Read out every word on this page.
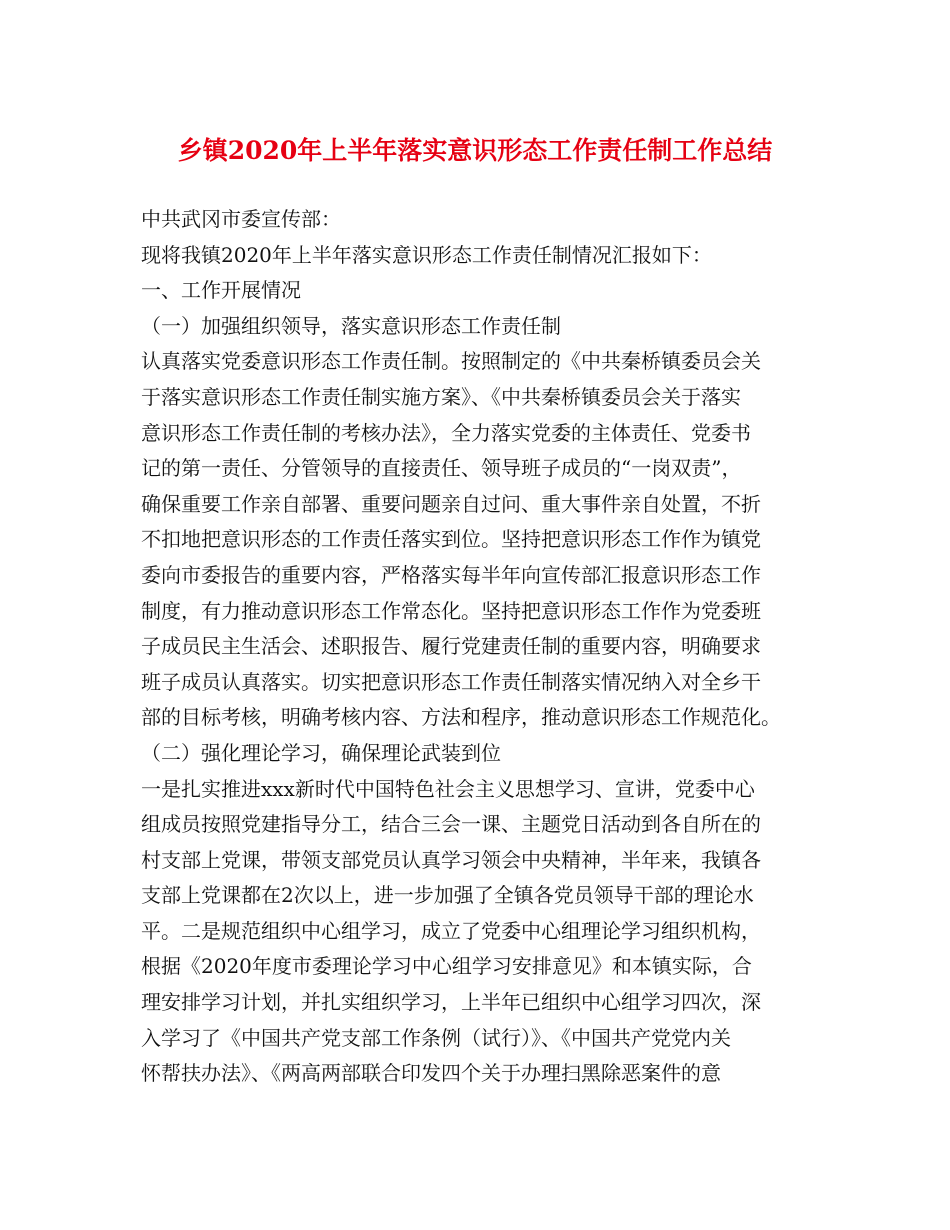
乡镇2020年上半年落实意识形态工作责任制工作总结
中共武冈市委宣传部：
现将我镇2020年上半年落实意识形态工作责任制情况汇报如下：
一、工作开展情况
（一）加强组织领导，落实意识形态工作责任制
认真落实党委意识形态工作责任制。按照制定的《中共秦桥镇委员会关
于落实意识形态工作责任制实施方案》、《中共秦桥镇委员会关于落实
意识形态工作责任制的考核办法》，全力落实党委的主体责任、党委书
记的第一责任、分管领导的直接责任、领导班子成员的“一岗双责”，
确保重要工作亲自部署、重要问题亲自过问、重大事件亲自处置，不折
不扣地把意识形态的工作责任落实到位。坚持把意识形态工作作为镇党
委向市委报告的重要内容，严格落实每半年向宣传部汇报意识形态工作
制度，有力推动意识形态工作常态化。坚持把意识形态工作作为党委班
子成员民主生活会、述职报告、履行党建责任制的重要内容，明确要求
班子成员认真落实。切实把意识形态工作责任制落实情况纳入对全乡干
部的目标考核，明确考核内容、方法和程序，推动意识形态工作规范化。
（二）强化理论学习，确保理论武装到位
一是扎实推进xxx新时代中国特色社会主义思想学习、宣讲，党委中心
组成员按照党建指导分工，结合三会一课、主题党日活动到各自所在的
村支部上党课，带领支部党员认真学习领会中央精神，半年来，我镇各
支部上党课都在2次以上，进一步加强了全镇各党员领导干部的理论水
平。二是规范组织中心组学习，成立了党委中心组理论学习组织机构，
根据《2020年度市委理论学习中心组学习安排意见》和本镇实际，合
理安排学习计划，并扎实组织学习，上半年已组织中心组学习四次，深
入学习了《中国共产党支部工作条例（试行）》、《中国共产党党内关
怀帮扶办法》、《两高两部联合印发四个关于办理扫黑除恶案件的意
